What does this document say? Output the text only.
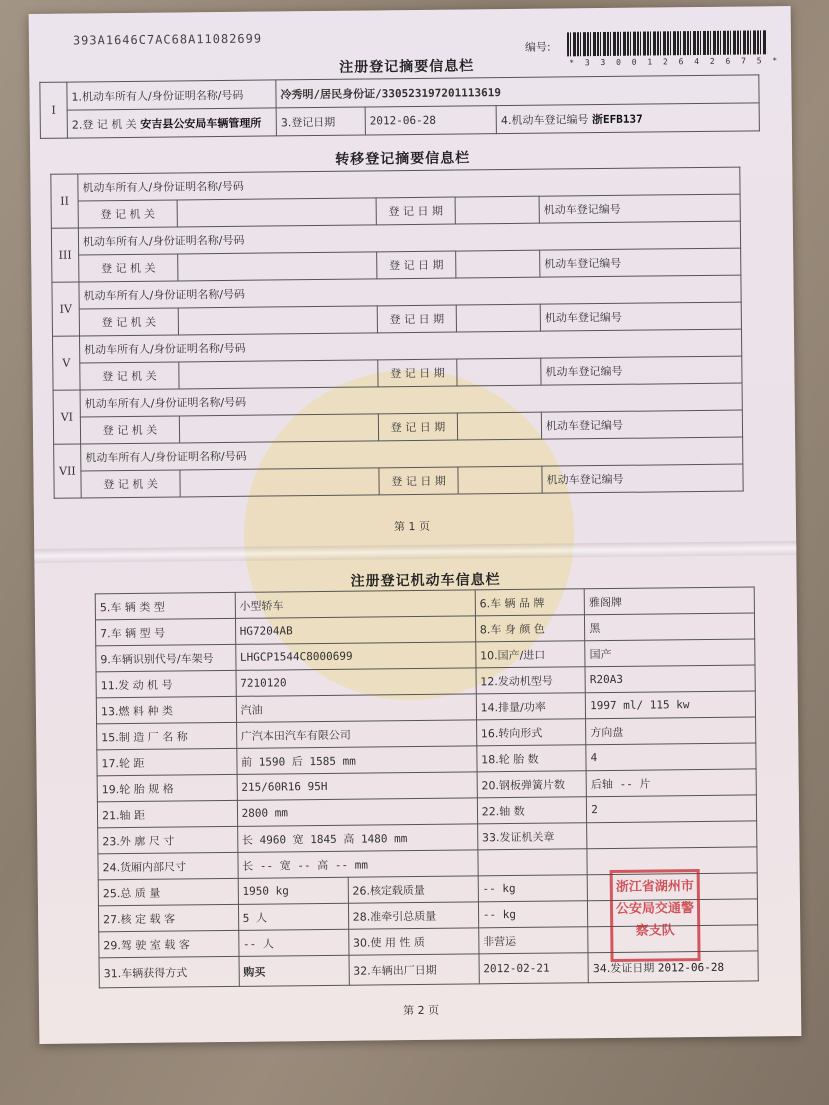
393A1646C7AC68A11082699	编号:
* 3 3 0 0 1 2 6 4 2 6 7 5 *
注册登记摘要信息栏
I	1.机动车所有人/身份证明名称/号码	冷秀明/居民身份证/330523197201113619		
	2.登 记 机 关 安吉县公安局车辆管理所	3.登记日期	2012-06-28	4.机动车登记编号 浙EFB137
转移登记摘要信息栏
II	机动车所有人/身份证明名称/号码				
	登 记 机 关		登 记 日 期		机动车登记编号
III	机动车所有人/身份证明名称/号码				
	登 记 机 关		登 记 日 期		机动车登记编号
IV	机动车所有人/身份证明名称/号码				
	登 记 机 关		登 记 日 期		机动车登记编号
V	机动车所有人/身份证明名称/号码				
	登 记 机 关		登 记 日 期		机动车登记编号
VI	机动车所有人/身份证明名称/号码				
	登 记 机 关		登 记 日 期		机动车登记编号
VII	机动车所有人/身份证明名称/号码				
	登 记 机 关		登 记 日 期		机动车登记编号
第 1 页
注册登记机动车信息栏
5.车 辆 类 型	小型轿车		6.车 辆 品 牌	雅阁牌
7.车 辆 型 号	HG7204AB		8.车 身 颜 色	黑
9.车辆识别代号/车架号	LHGCP1544C8000699		10.国产/进口	国产
11.发 动 机 号	7210120		12.发动机型号	R20A3
13.燃 料 种 类	汽油		14.排量/功率	1997 ml/ 115 kw
15.制 造 厂 名 称	广汽本田汽车有限公司		16.转向形式	方向盘
17.轮 距	前 1590 后 1585 mm		18.轮 胎 数	4
19.轮 胎 规 格	215/60R16 95H		20.钢板弹簧片数	后轴 -- 片
21.轴 距	2800 mm		22.轴 数	2
23.外 廓 尺 寸	长 4960 宽 1845 高 1480 mm		33.发证机关章	
24.货厢内部尺寸	长 -- 宽 -- 高 -- mm			
25.总 质 量	1950 kg	26.核定载质量	-- kg	
27.核 定 载 客	5 人	28.准牵引总质量	-- kg	
29.驾 驶 室 载 客	-- 人	30.使 用 性 质	非营运	
31.车辆获得方式	购买	32.车辆出厂日期	2012-02-21	34.发证日期 2012-06-28
浙江省湖州市公安局交通警察支队
第 2 页
